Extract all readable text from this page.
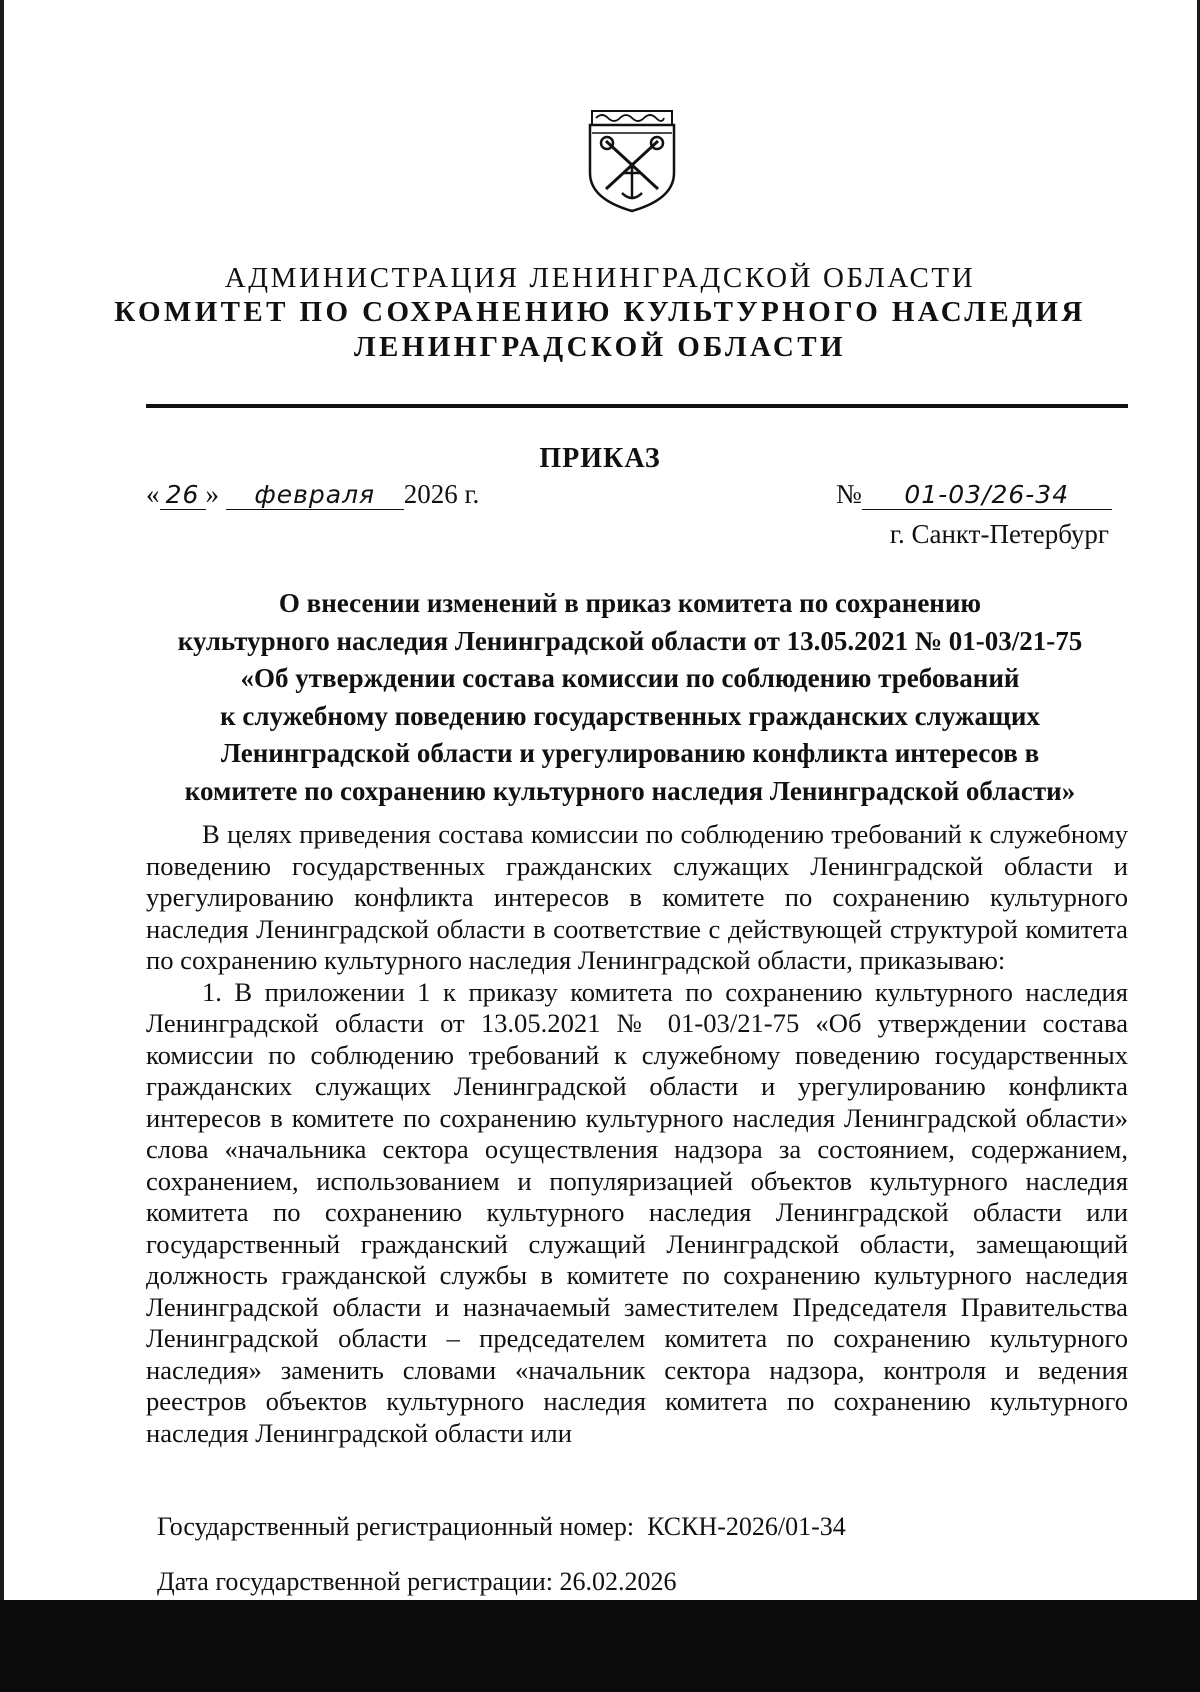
АДМИНИСТРАЦИЯ ЛЕНИНГРАДСКОЙ ОБЛАСТИ
КОМИТЕТ ПО СОХРАНЕНИЮ КУЛЬТУРНОГО НАСЛЕДИЯ
ЛЕНИНГРАДСКОЙ ОБЛАСТИ
ПРИКАЗ
« 26 » февраля 2026 г.	№ 01-03/26-34
г. Санкт-Петербург
О внесении изменений в приказ комитета по сохранению
культурного наследия Ленинградской области от 13.05.2021 № 01-03/21-75
«Об утверждении состава комиссии по соблюдению требований
к служебному поведению государственных гражданских служащих
Ленинградской области и урегулированию конфликта интересов в
комитете по сохранению культурного наследия Ленинградской области»

В целях приведения состава комиссии по соблюдению требований к служебному поведению государственных гражданских служащих Ленинградской области и урегулированию конфликта интересов в комитете по сохранению культурного наследия Ленинградской области в соответствие с действующей структурой комитета по сохранению культурного наследия Ленинградской области, приказываю:

1. В приложении 1 к приказу комитета по сохранению культурного наследия Ленинградской области от 13.05.2021 № 01-03/21-75 «Об утверждении состава комиссии по соблюдению требований к служебному поведению государственных гражданских служащих Ленинградской области и урегулированию конфликта интересов в комитете по сохранению культурного наследия Ленинградской области» слова «начальника сектора осуществления надзора за состоянием, содержанием, сохранением, использованием и популяризацией объектов культурного наследия комитета по сохранению культурного наследия Ленинградской области или государственный гражданский служащий Ленинградской области, замещающий должность гражданской службы в комитете по сохранению культурного наследия Ленинградской области и назначаемый заместителем Председателя Правительства Ленинградской области – председателем комитета по сохранению культурного наследия» заменить словами «начальник сектора надзора, контроля и ведения реестров объектов культурного наследия комитета по сохранению культурного наследия Ленинградской области или

Государственный регистрационный номер: КСКН-2026/01-34
Дата государственной регистрации: 26.02.2026
